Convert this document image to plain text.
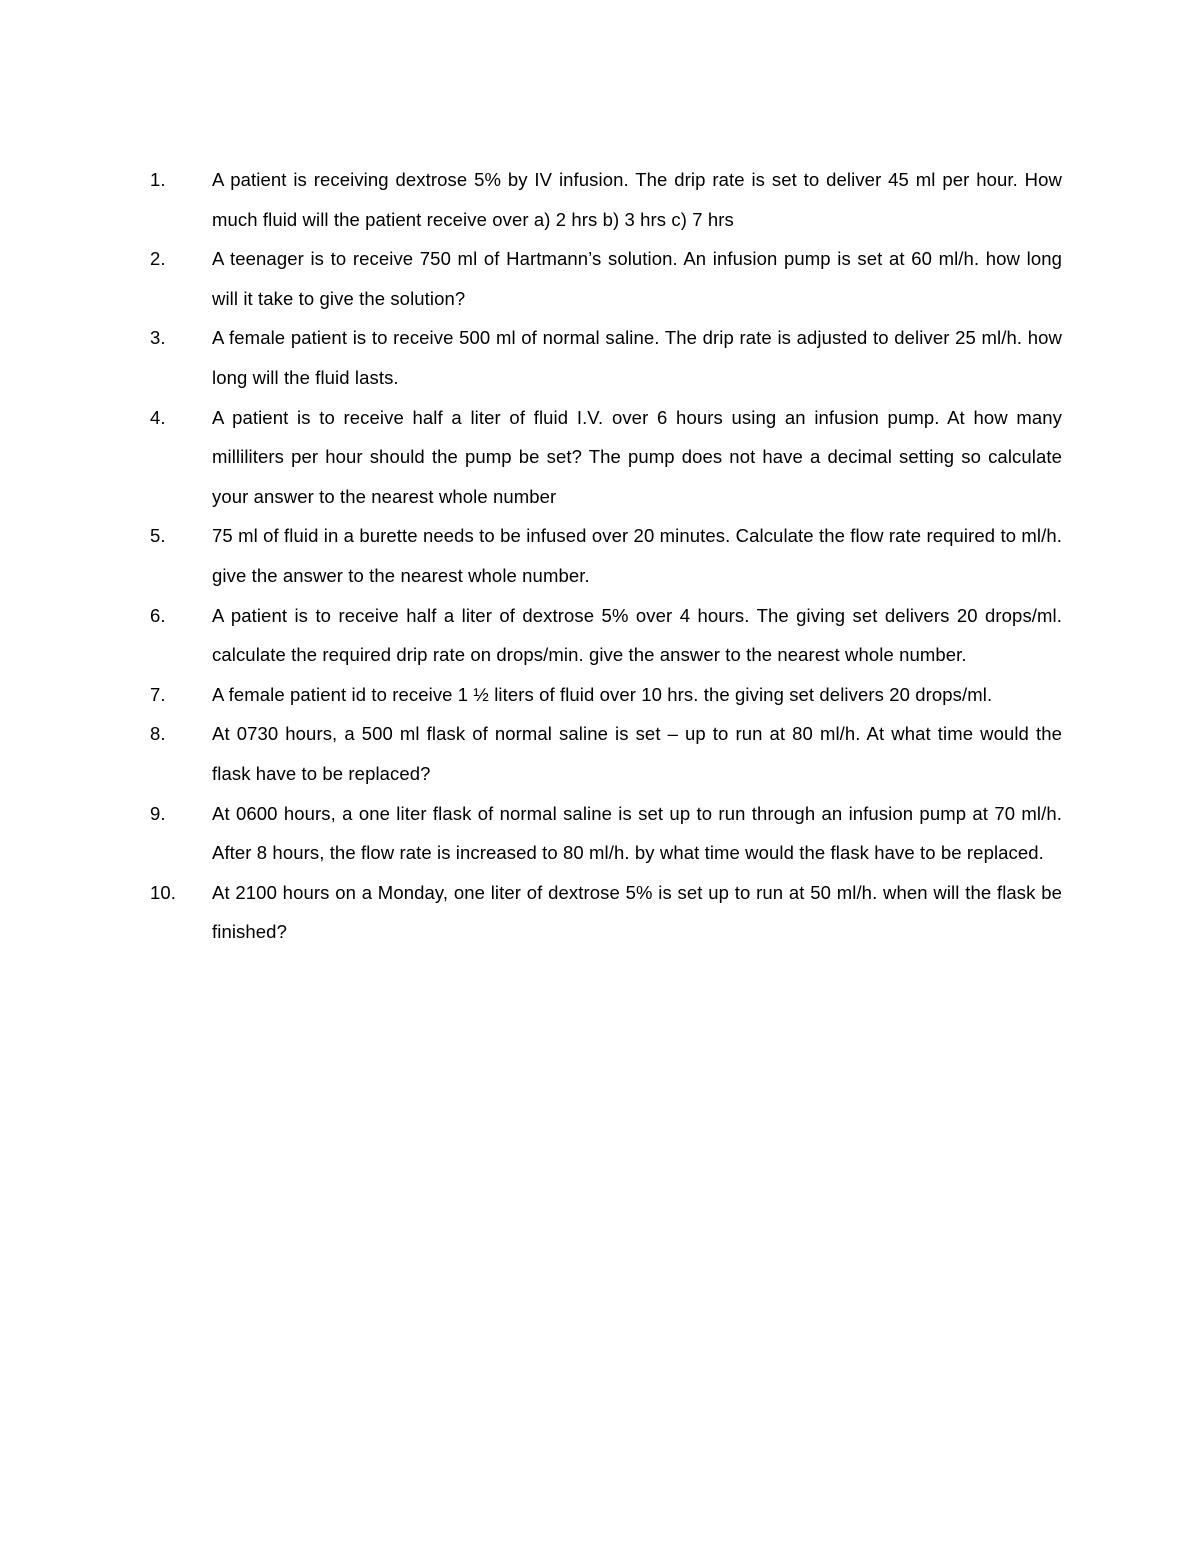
1.	A patient is receiving dextrose 5% by IV infusion. The drip rate is set to deliver 45 ml per hour. How much fluid will the patient receive over a) 2 hrs b) 3 hrs c) 7 hrs
2.	A teenager is to receive 750 ml of Hartmann’s solution. An infusion pump is set at 60 ml/h. how long will it take to give the solution?
3.	A female patient is to receive 500 ml of normal saline. The drip rate is adjusted to deliver 25 ml/h. how long will the fluid lasts.
4.	A patient is to receive half a liter of fluid I.V. over 6 hours using an infusion pump. At how many milliliters per hour should the pump be set? The pump does not have a decimal setting so calculate your answer to the nearest whole number
5.	75 ml of fluid in a burette needs to be infused over 20 minutes. Calculate the flow rate required to ml/h. give the answer to the nearest whole number.
6.	A patient is to receive half a liter of dextrose 5% over 4 hours. The giving set delivers 20 drops/ml. calculate the required drip rate on drops/min. give the answer to the nearest whole number.
7.	A female patient id to receive 1 ½ liters of fluid over 10 hrs. the giving set delivers 20 drops/ml.
8.	At 0730 hours, a 500 ml flask of normal saline is set – up to run at 80 ml/h. At what time would the flask have to be replaced?
9.	At 0600 hours, a one liter flask of normal saline is set up to run through an infusion pump at 70 ml/h. After 8 hours, the flow rate is increased to 80 ml/h. by what time would the flask have to be replaced.
10.	At 2100 hours on a Monday, one liter of dextrose 5% is set up to run at 50 ml/h. when will the flask be finished?
